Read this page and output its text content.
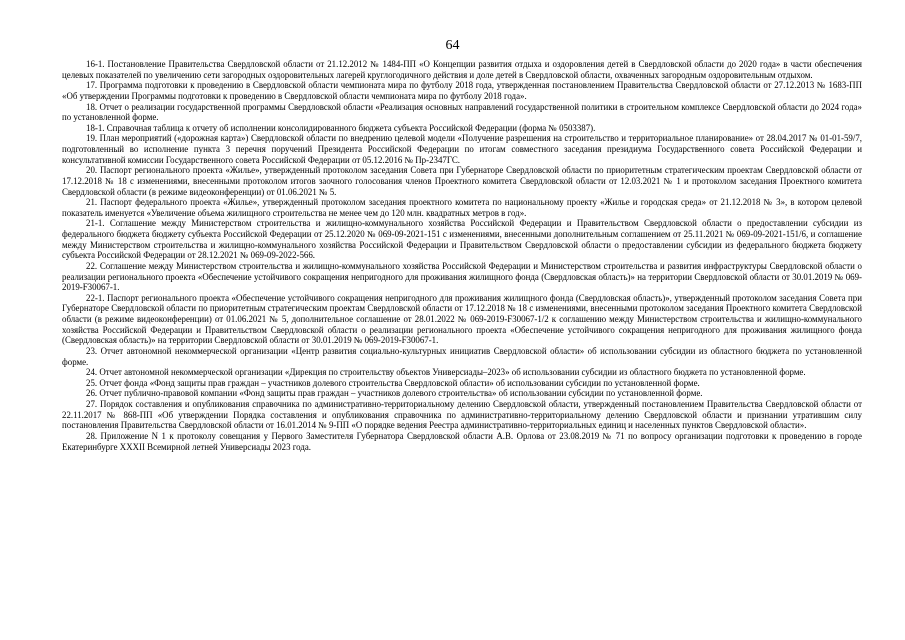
64

16-1. Постановление Правительства Свердловской области от 21.12.2012 № 1484-ПП «О Концепции развития отдыха и оздоровления детей в Свердловской области до 2020 года» в части обеспечения целевых показателей по увеличению сети загородных оздоровительных лагерей круглогодичного действия и доле детей в Свердловской области, охваченных загородным оздоровительным отдыхом.

17. Программа подготовки к проведению в Свердловской области чемпионата мира по футболу 2018 года, утвержденная постановлением Правительства Свердловской области от 27.12.2013 № 1683-ПП «Об утверждении Программы подготовки к проведению в Свердловской области чемпионата мира по футболу 2018 года».

18. Отчет о реализации государственной программы Свердловской области «Реализация основных направлений государственной политики в строительном комплексе Свердловской области до 2024 года» по установленной форме.

18-1. Справочная таблица к отчету об исполнении консолидированного бюджета субъекта Российской Федерации (форма № 0503387).

19. План мероприятий («дорожная карта») Свердловской области по внедрению целевой модели «Получение разрешения на строительство и территориальное планирование» от 28.04.2017 № 01-01-59/7, подготовленный во исполнение пункта 3 перечня поручений Президента Российской Федерации по итогам совместного заседания президиума Государственного совета Российской Федерации и консультативной комиссии Государственного совета Российской Федерации от 05.12.2016 № Пр-2347ГС.

20. Паспорт регионального проекта «Жилье», утвержденный протоколом заседания Совета при Губернаторе Свердловской области по приоритетным стратегическим проектам Свердловской области от 17.12.2018 № 18 с изменениями, внесенными протоколом итогов заочного голосования членов Проектного комитета Свердловской области от 12.03.2021 № 1 и протоколом заседания Проектного комитета Свердловской области (в режиме видеоконференции) от 01.06.2021 № 5.

21. Паспорт федерального проекта «Жилье», утвержденный протоколом заседания проектного комитета по национальному проекту «Жилье и городская среда» от 21.12.2018 № 3», в котором целевой показатель именуется «Увеличение объема жилищного строительства не менее чем до 120 млн. квадратных метров в год».

21-1. Соглашение между Министерством строительства и жилищно-коммунального хозяйства Российской Федерации и Правительством Свердловской области о предоставлении субсидии из федерального бюджета бюджету субъекта Российской Федерации от 25.12.2020 № 069-09-2021-151 с изменениями, внесенными дополнительным соглашением от 25.11.2021 № 069-09-2021-151/6, и соглашение между Министерством строительства и жилищно-коммунального хозяйства Российской Федерации и Правительством Свердловской области о предоставлении субсидии из федерального бюджета бюджету субъекта Российской Федерации от 28.12.2021 № 069-09-2022-566.

22. Соглашение между Министерством строительства и жилищно-коммунального хозяйства Российской Федерации и Министерством строительства и развития инфраструктуры Свердловской области о реализации регионального проекта «Обеспечение устойчивого сокращения непригодного для проживания жилищного фонда (Свердловская область)» на территории Свердловской области от 30.01.2019 № 069-2019-F30067-1.

22-1. Паспорт регионального проекта «Обеспечение устойчивого сокращения непригодного для проживания жилищного фонда (Свердловская область)», утвержденный протоколом заседания Совета при Губернаторе Свердловской области по приоритетным стратегическим проектам Свердловской области от 17.12.2018 № 18 с изменениями, внесенными протоколом заседания Проектного комитета Свердловской области (в режиме видеоконференции) от 01.06.2021 № 5, дополнительное соглашение от 28.01.2022 № 069-2019-F30067-1/2 к соглашению между Министерством строительства и жилищно-коммунального хозяйства Российской Федерации и Правительством Свердловской области о реализации регионального проекта «Обеспечение устойчивого сокращения непригодного для проживания жилищного фонда (Свердловская область)» на территории Свердловской области от 30.01.2019 № 069-2019-F30067-1.

23. Отчет автономной некоммерческой организации «Центр развития социально-культурных инициатив Свердловской области» об использовании субсидии из областного бюджета по установленной форме.

24. Отчет автономной некоммерческой организации «Дирекция по строительству объектов Универсиады–2023» об использовании субсидии из областного бюджета по установленной форме.

25. Отчет фонда «Фонд защиты прав граждан – участников долевого строительства Свердловской области» об использовании субсидии по установленной форме.

26. Отчет публично-правовой компании «Фонд защиты прав граждан – участников долевого строительства» об использовании субсидии по установленной форме.

27. Порядок составления и опубликования справочника по административно-территориальному делению Свердловской области, утвержденный постановлением Правительства Свердловской области от 22.11.2017 № 868-ПП «Об утверждении Порядка составления и опубликования справочника по административно-территориальному делению Свердловской области и признании утратившим силу постановления Правительства Свердловской области от 16.01.2014 № 9-ПП «О порядке ведения Реестра административно-территориальных единиц и населенных пунктов Свердловской области».

28. Приложение N 1 к протоколу совещания у Первого Заместителя Губернатора Свердловской области А.В. Орлова от 23.08.2019 № 71 по вопросу организации подготовки к проведению в городе Екатеринбурге XXXII Всемирной летней Универсиады 2023 года.
